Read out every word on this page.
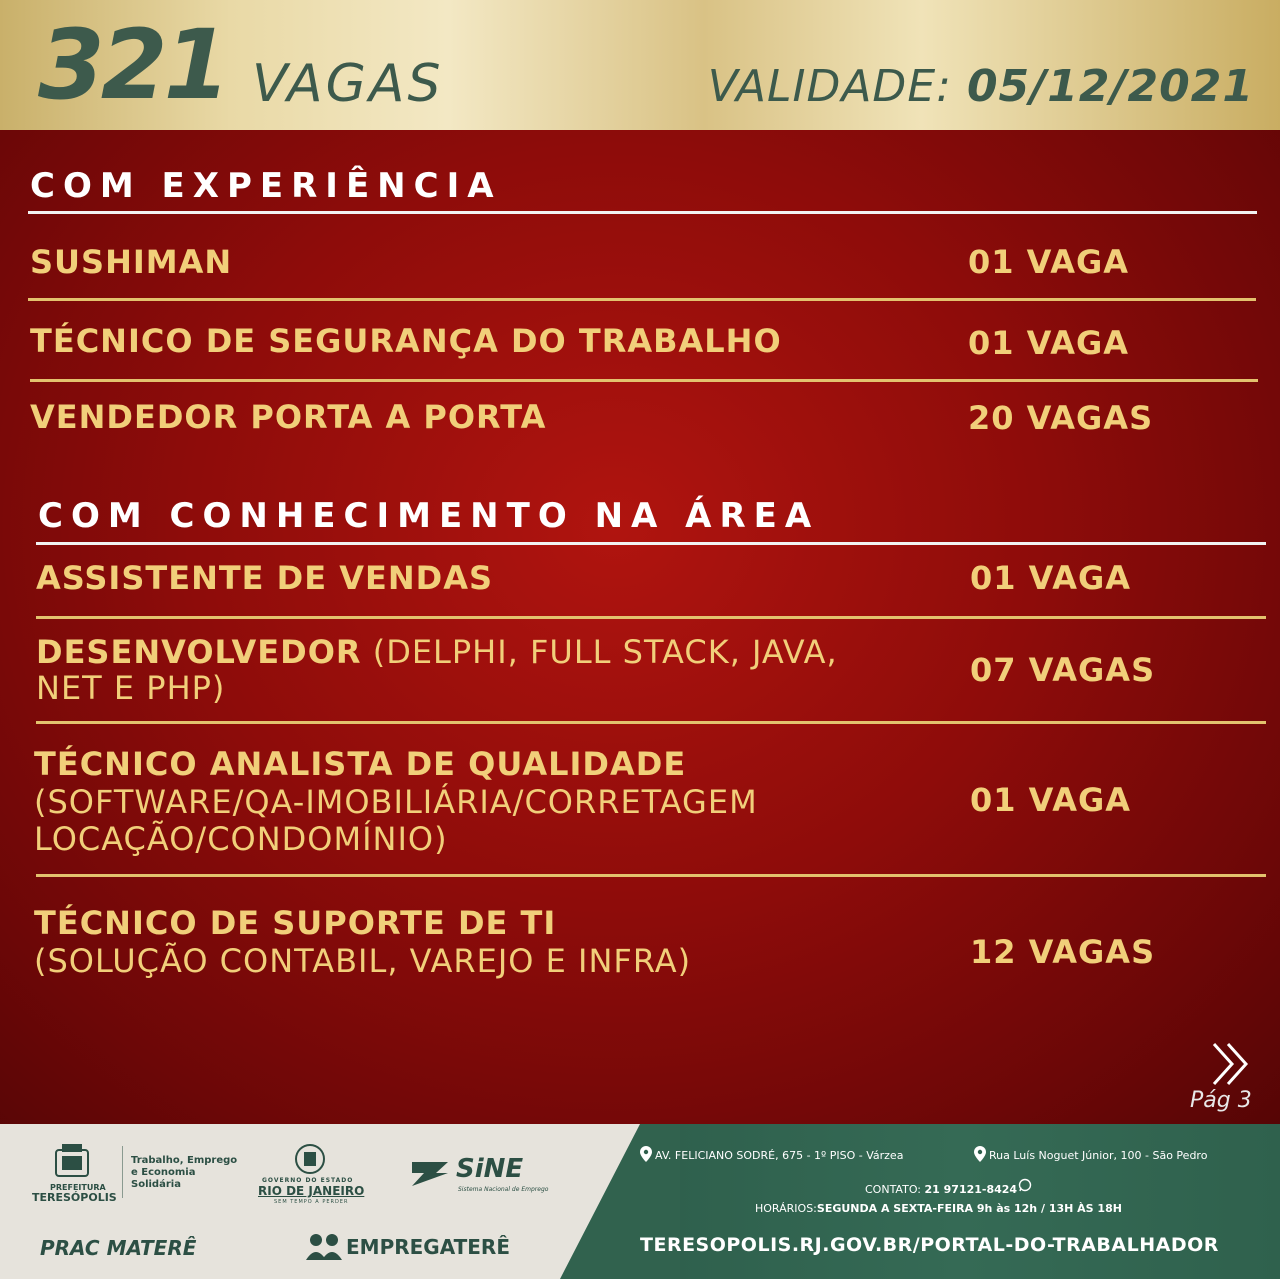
321 VAGAS	VALIDADE: 05/12/2021
COM EXPERIÊNCIA
SUSHIMAN	01 VAGA
TÉCNICO DE SEGURANÇA DO TRABALHO	01 VAGA
VENDEDOR PORTA A PORTA	20 VAGAS
COM CONHECIMENTO NA ÁREA
ASSISTENTE DE VENDAS	01 VAGA
DESENVOLVEDOR (DELPHI, FULL STACK, JAVA,
NET E PHP)	07 VAGAS
TÉCNICO ANALISTA DE QUALIDADE
(SOFTWARE/QA-IMOBILIÁRIA/CORRETAGEM
LOCAÇÃO/CONDOMÍNIO)
01 VAGA
TÉCNICO DE SUPORTE DE TI
(SOLUÇÃO CONTABIL, VAREJO E INFRA)	12 VAGAS
Pág 3
PREFEITURA
TERESÓPOLIS
Trabalho, Emprego
e Economia
Solidária	GOVERNO DO ESTADO
RIO DE JANEIRO
SEM TEMPO A PERDER
SiNE
Sistema Nacional de Emprego
PRAC MATERÊ	EMPREGATERÊ
AV. FELICIANO SODRÉ, 675 - 1º PISO - Várzea	Rua Luís Noguet Júnior, 100 - São Pedro
CONTATO: 21 97121-8424
HORÁRIOS:SEGUNDA A SEXTA-FEIRA 9h às 12h / 13H ÀS 18H
TERESOPOLIS.RJ.GOV.BR/PORTAL-DO-TRABALHADOR
